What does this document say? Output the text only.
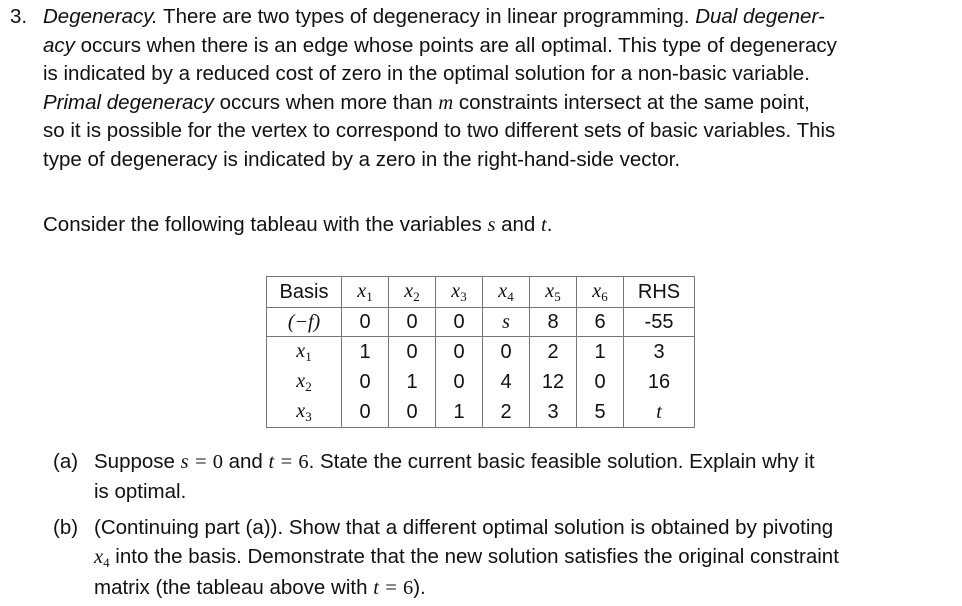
3. Degeneracy. There are two types of degeneracy in linear programming. Dual degener-
acy occurs when there is an edge whose points are all optimal. This type of degeneracy
is indicated by a reduced cost of zero in the optimal solution for a non-basic variable.
Primal degeneracy occurs when more than m constraints intersect at the same point,
so it is possible for the vertex to correspond to two different sets of basic variables. This
type of degeneracy is indicated by a zero in the right-hand-side vector.
Consider the following tableau with the variables s and t.
Basis	$x_1$	$x_2$	$x_3$	$x_4$	$x_5$	$x_6$	RHS
(−f)	0	0	0	s	8	6	-55
$x_1$	1	0	0	0	2	1	3
$x_2$	0	1	0	4	12	0	16
$x_3$	0	0	1	2	3	5	t
(a) Suppose s = 0 and t = 6. State the current basic feasible solution. Explain why it
is optimal.
(b) (Continuing part (a)). Show that a different optimal solution is obtained by pivoting
x4 into the basis. Demonstrate that the new solution satisfies the original constraint
matrix (the tableau above with t = 6).
